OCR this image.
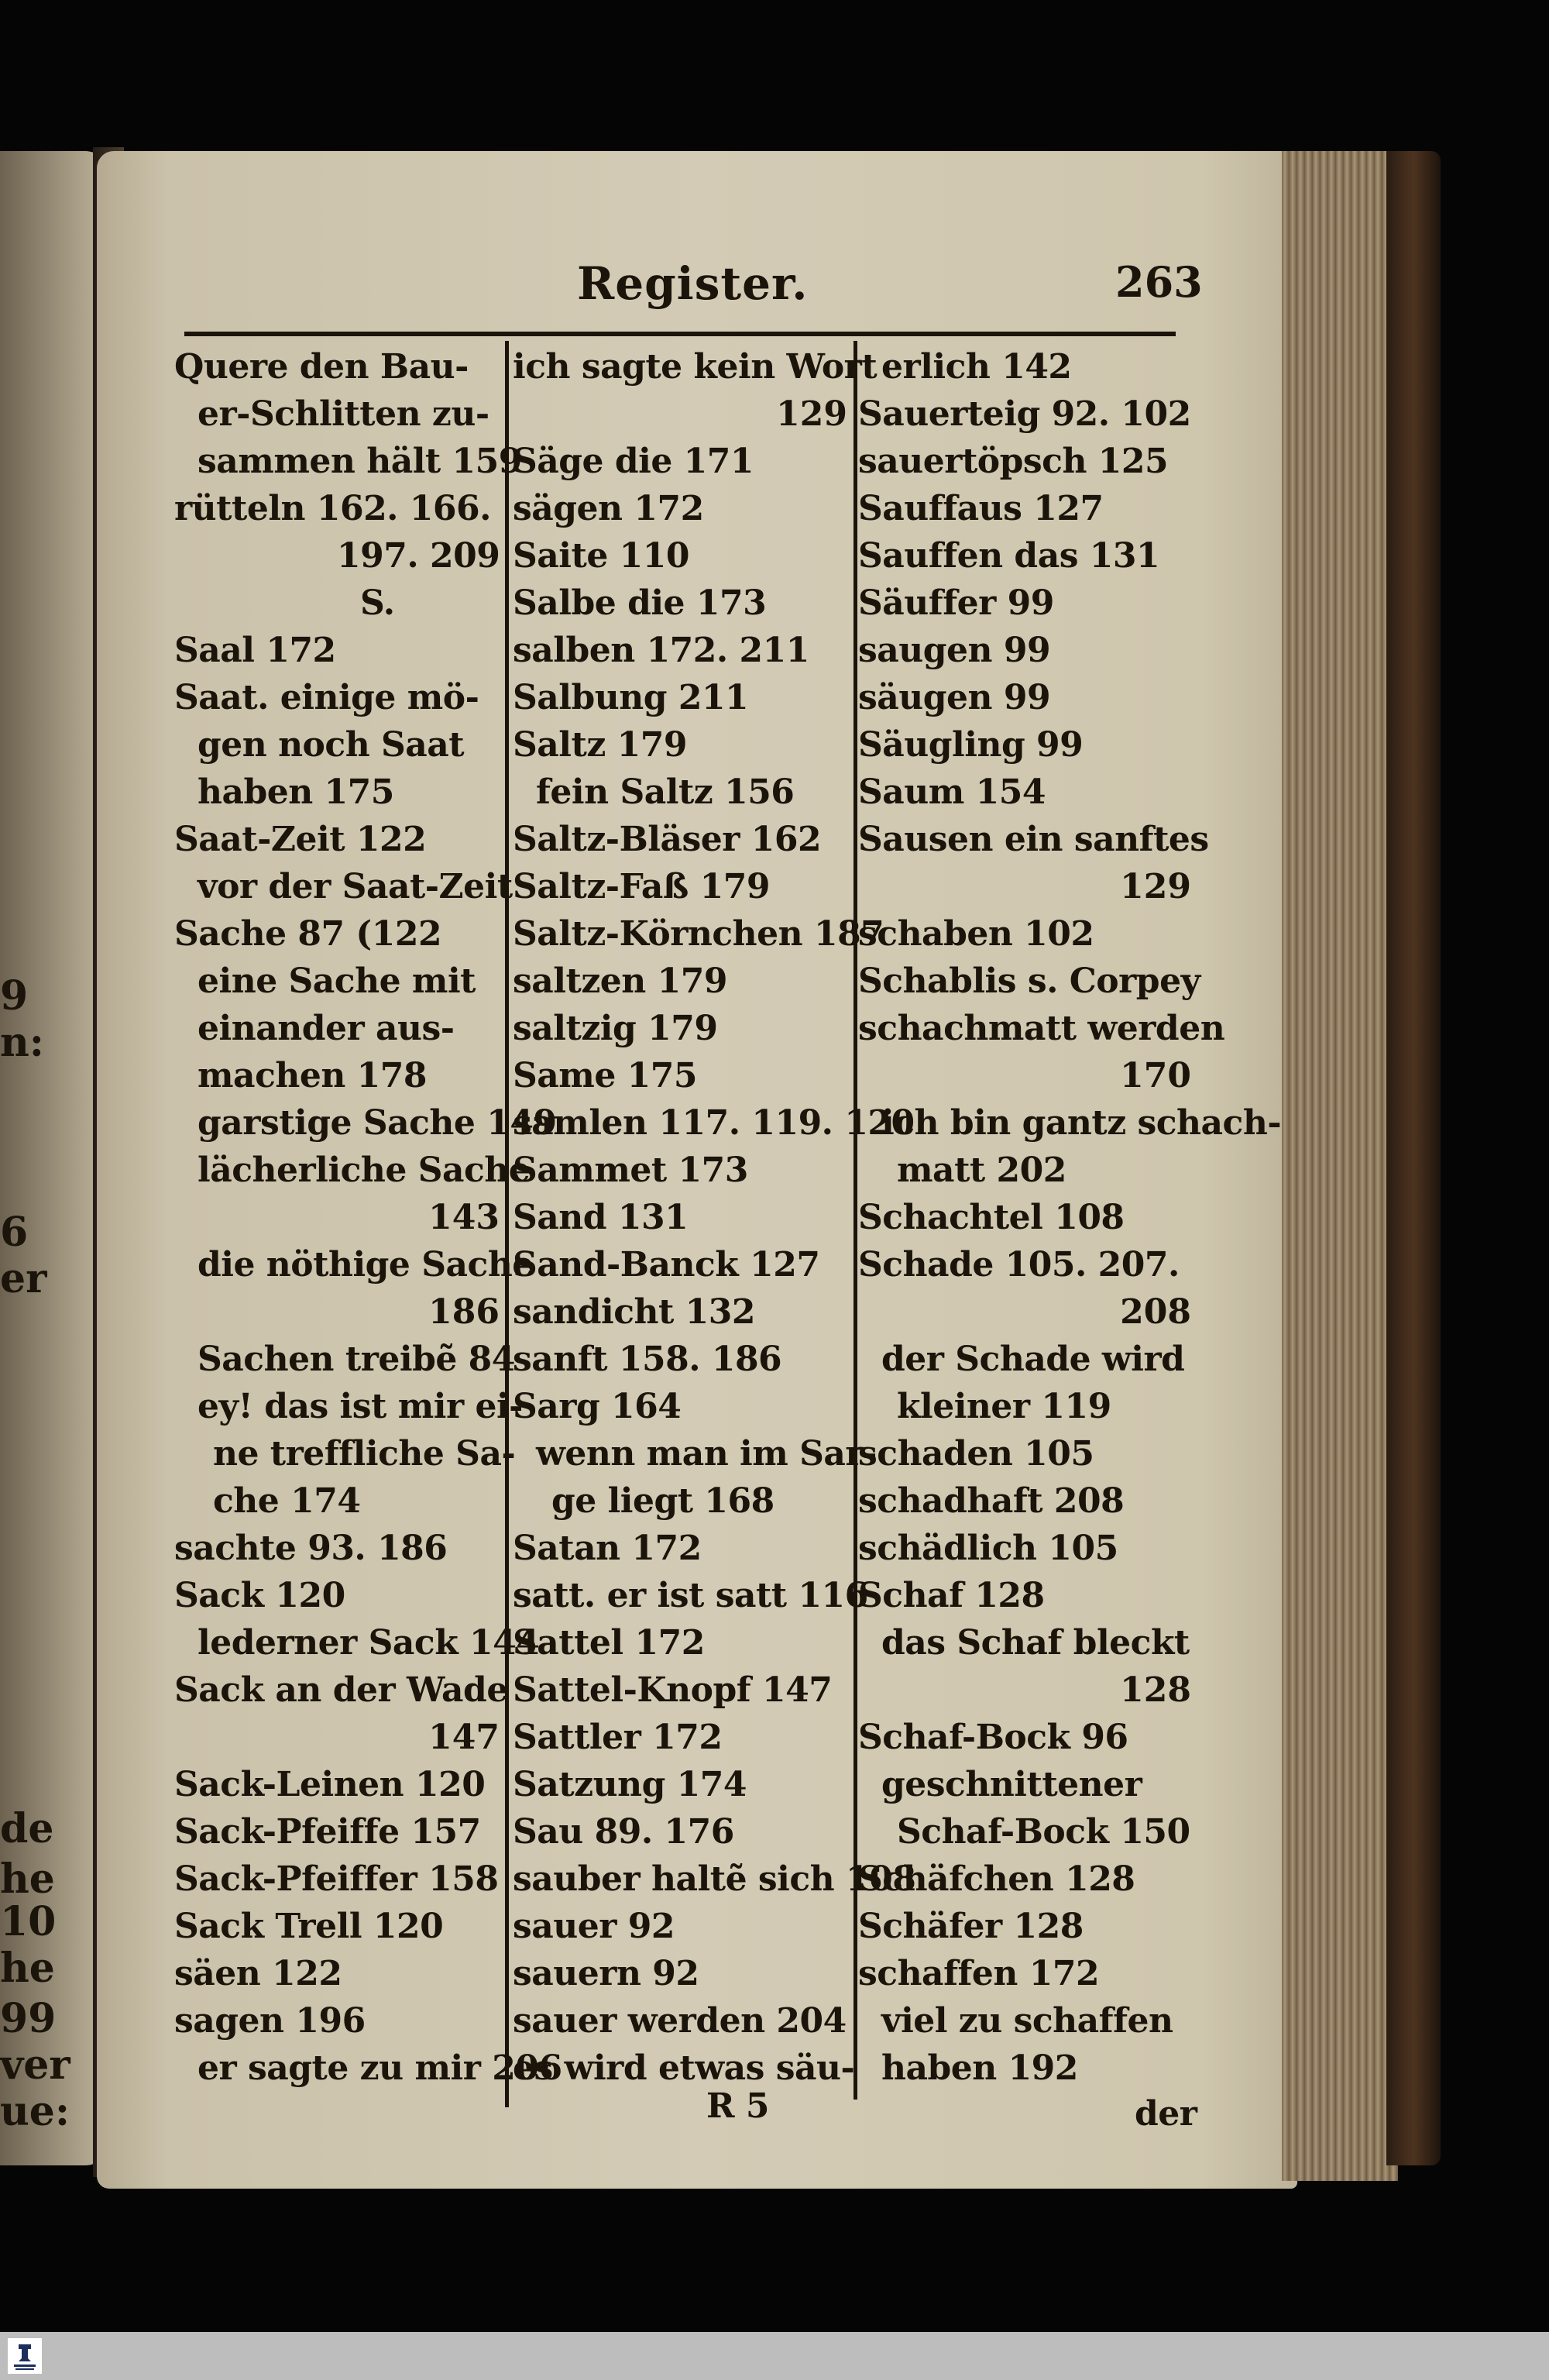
9
n:
6
er
de
he
10
he
99
ver
ue:
Register.	263
Quere den Bau-
er-Schlitten zu-
sammen hält 159
rütteln 162. 166.
197. 209
S.
Saal 172
Saat. einige mö-
gen noch Saat
haben 175
Saat-Zeit 122
vor der Saat-Zeit
Sache 87 (122
eine Sache mit
einander aus-
machen 178
garstige Sache 149
lächerliche Sache
143
die nöthige Sache
186
Sachen treibẽ 84
ey! das ist mir ei-
ne treffliche Sa-
che 174
sachte 93. 186
Sack 120
lederner Sack 144
Sack an der Wade
147
Sack-Leinen 120
Sack-Pfeiffe 157
Sack-Pfeiffer 158
Sack Trell 120
säen 122
sagen 196
er sagte zu mir 206
ich sagte kein Wort
129
Säge die 171
sägen 172
Saite 110
Salbe die 173
salben 172. 211
Salbung 211
Saltz 179
fein Saltz 156
Saltz-Bläser 162
Saltz-Faß 179
Saltz-Körnchen 187
saltzen 179
saltzig 179
Same 175
samlen 117. 119. 120
Sammet 173
Sand 131
Sand-Banck 127
sandicht 132
sanft 158. 186
Sarg 164
wenn man im Sar-
ge liegt 168
Satan 172
satt. er ist satt 116
Sattel 172
Sattel-Knopf 147
Sattler 172
Satzung 174
Sau 89. 176
sauber haltẽ sich 108
sauer 92
sauern 92
sauer werden 204
es wird etwas säu-
erlich 142
Sauerteig 92. 102
sauertöpsch 125
Sauffaus 127
Sauffen das 131
Säuffer 99
saugen 99
säugen 99
Säugling 99
Saum 154
Sausen ein sanftes
129
schaben 102
Schablis s. Corpey
schachmatt werden
170
ich bin gantz schach-
matt 202
Schachtel 108
Schade 105. 207.
208
der Schade wird
kleiner 119
schaden 105
schadhaft 208
schädlich 105
Schaf 128
das Schaf bleckt
128
Schaf-Bock 96
geschnittener
Schaf-Bock 150
Schäfchen 128
Schäfer 128
schaffen 172
viel zu schaffen
haben 192
R 5	der
